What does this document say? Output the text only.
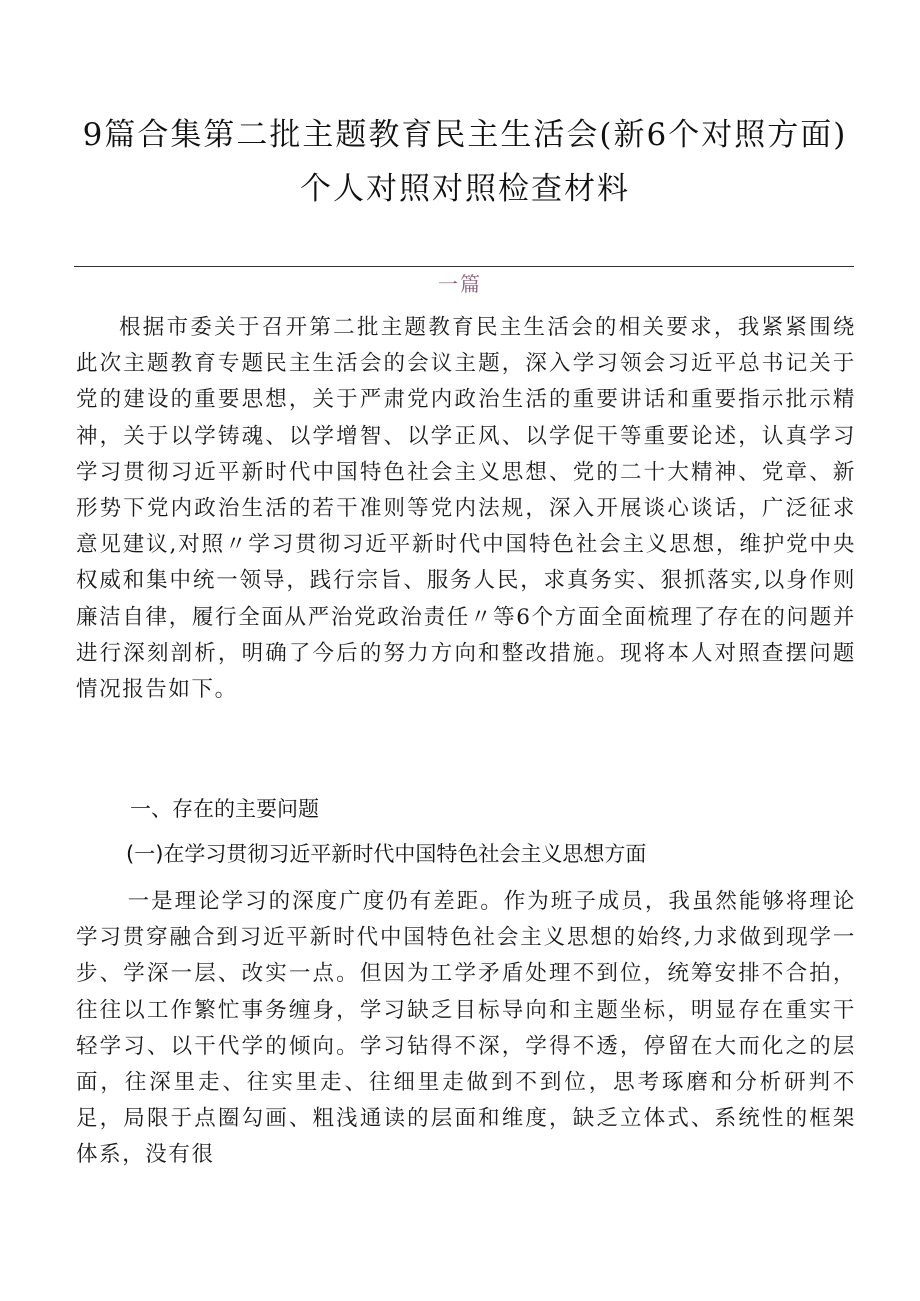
9篇合集第二批主题教育民主生活会(新6个对照方面)个人对照对照检查材料
一篇

根据市委关于召开第二批主题教育民主生活会的相关要求，我紧紧围绕此次主题教育专题民主生活会的会议主题，深入学习领会习近平总书记关于党的建设的重要思想，关于严肃党内政治生活的重要讲话和重要指示批示精神，关于以学铸魂、以学增智、以学正风、以学促干等重要论述，认真学习学习贯彻习近平新时代中国特色社会主义思想、党的二十大精神、党章、新形势下党内政治生活的若干准则等党内法规，深入开展谈心谈话，广泛征求意见建议,对照〃学习贯彻习近平新时代中国特色社会主义思想，维护党中央权威和集中统一领导，践行宗旨、服务人民，求真务实、狠抓落实,以身作则廉洁自律，履行全面从严治党政治责任〃等6个方面全面梳理了存在的问题并进行深刻剖析，明确了今后的努力方向和整改措施。现将本人对照查摆问题情况报告如下。

一、存在的主要问题
(一)在学习贯彻习近平新时代中国特色社会主义思想方面

一是理论学习的深度广度仍有差距。作为班子成员，我虽然能够将理论学习贯穿融合到习近平新时代中国特色社会主义思想的始终,力求做到现学一步、学深一层、改实一点。但因为工学矛盾处理不到位，统筹安排不合拍，往往以工作繁忙事务缠身，学习缺乏目标导向和主题坐标，明显存在重实干轻学习、以干代学的倾向。学习钻得不深，学得不透，停留在大而化之的层面，往深里走、往实里走、往细里走做到不到位，思考琢磨和分析研判不足，局限于点圈勾画、粗浅通读的层面和维度，缺乏立体式、系统性的框架体系，没有很
